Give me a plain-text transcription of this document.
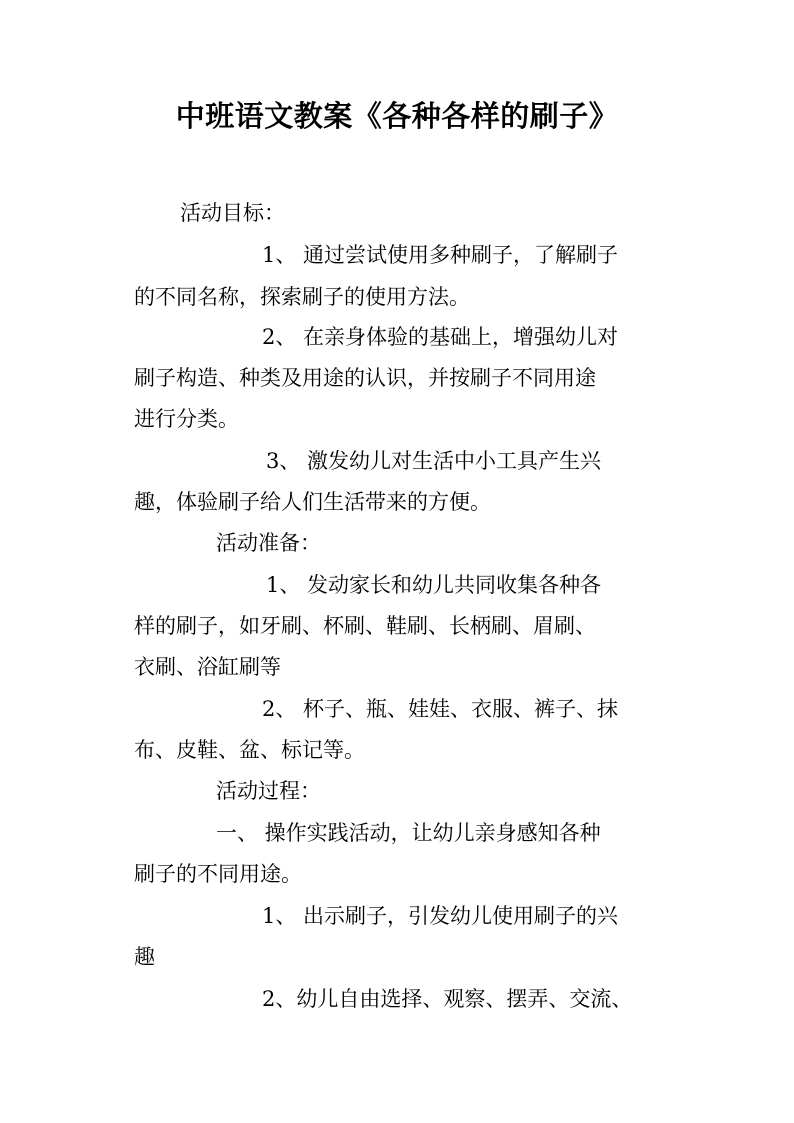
中班语文教案《各种各样的刷子》
活动目标：
1、 通过尝试使用多种刷子，了解刷子
的不同名称，探索刷子的使用方法。
2、 在亲身体验的基础上，增强幼儿对
刷子构造、种类及用途的认识，并按刷子不同用途
进行分类。
3、 激发幼儿对生活中小工具产生兴
趣，体验刷子给人们生活带来的方便。
活动准备：
1、 发动家长和幼儿共同收集各种各
样的刷子，如牙刷、杯刷、鞋刷、长柄刷、眉刷、
衣刷、浴缸刷等
2、 杯子、瓶、娃娃、衣服、裤子、抹
布、皮鞋、盆、标记等。
活动过程：
一、 操作实践活动，让幼儿亲身感知各种
刷子的不同用途。
1、 出示刷子，引发幼儿使用刷子的兴
趣
2、幼儿自由选择、观察、摆弄、交流、
